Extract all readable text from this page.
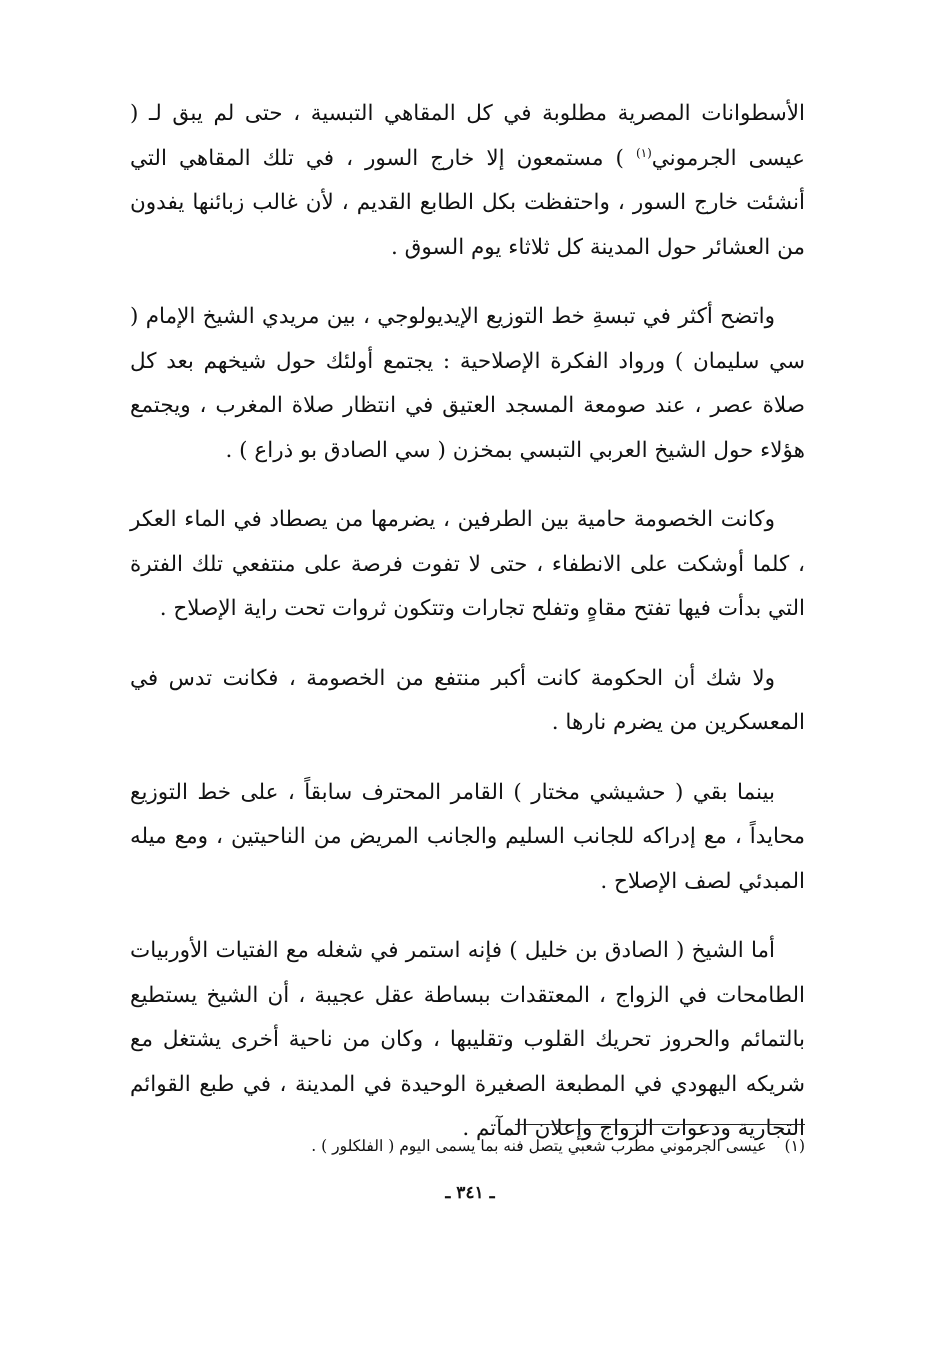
الأسطوانات المصرية مطلوبة في كل المقاهي التبسية ، حتى لم يبق لـ ( عيسى الجرموني$^{(١)}$ ) مستمعون إلا خارج السور ، في تلك المقاهي التي أنشئت خارج السور ، واحتفظت بكل الطابع القديم ، لأن غالب زبائنها يفدون من العشائر حول المدينة كل ثلاثاء يوم السوق .

واتضح أكثر في تبسةِ خط التوزيع الإيديولوجي ، بين مريدي الشيخ الإمام ( سي سليمان ) ورواد الفكرة الإصلاحية : يجتمع أولئك حول شيخهم بعد كل صلاة عصر ، عند صومعة المسجد العتيق في انتظار صلاة المغرب ، ويجتمع هؤلاء حول الشيخ العربي التبسي بمخزن ( سي الصادق بو ذراع ) .

وكانت الخصومة حامية بين الطرفين ، يضرمها من يصطاد في الماء العكر ، كلما أوشكت على الانطفاء ، حتى لا تفوت فرصة على منتفعي تلك الفترة التي بدأت فيها تفتح مقاهٍ وتفلح تجارات وتتكون ثروات تحت راية الإصلاح .

ولا شك أن الحكومة كانت أكبر منتفع من الخصومة ، فكانت تدس في المعسكرين من يضرم نارها .

بينما بقي ( حشيشي مختار ) القامر المحترف سابقاً ، على خط التوزيع محايداً ، مع إدراكه للجانب السليم والجانب المريض من الناحيتين ، ومع ميله المبدئي لصف الإصلاح .

أما الشيخ ( الصادق بن خليل ) فإنه استمر في شغله مع الفتيات الأوربيات الطامحات في الزواج ، المعتقدات ببساطة عقل عجيبة ، أن الشيخ يستطيع بالتمائم والحروز تحريك القلوب وتقليبها ، وكان من ناحية أخرى يشتغل مع شريكه اليهودي في المطبعة الصغيرة الوحيدة في المدينة ، في طبع القوائم التجارية ودعوات الزواج وإعلان المآتم .

(١)عيسى الجرموني مطرب شعبي يتصل فنه بما يسمى اليوم ( الفلكلور ) .
ـ ٣٤١ ـ
